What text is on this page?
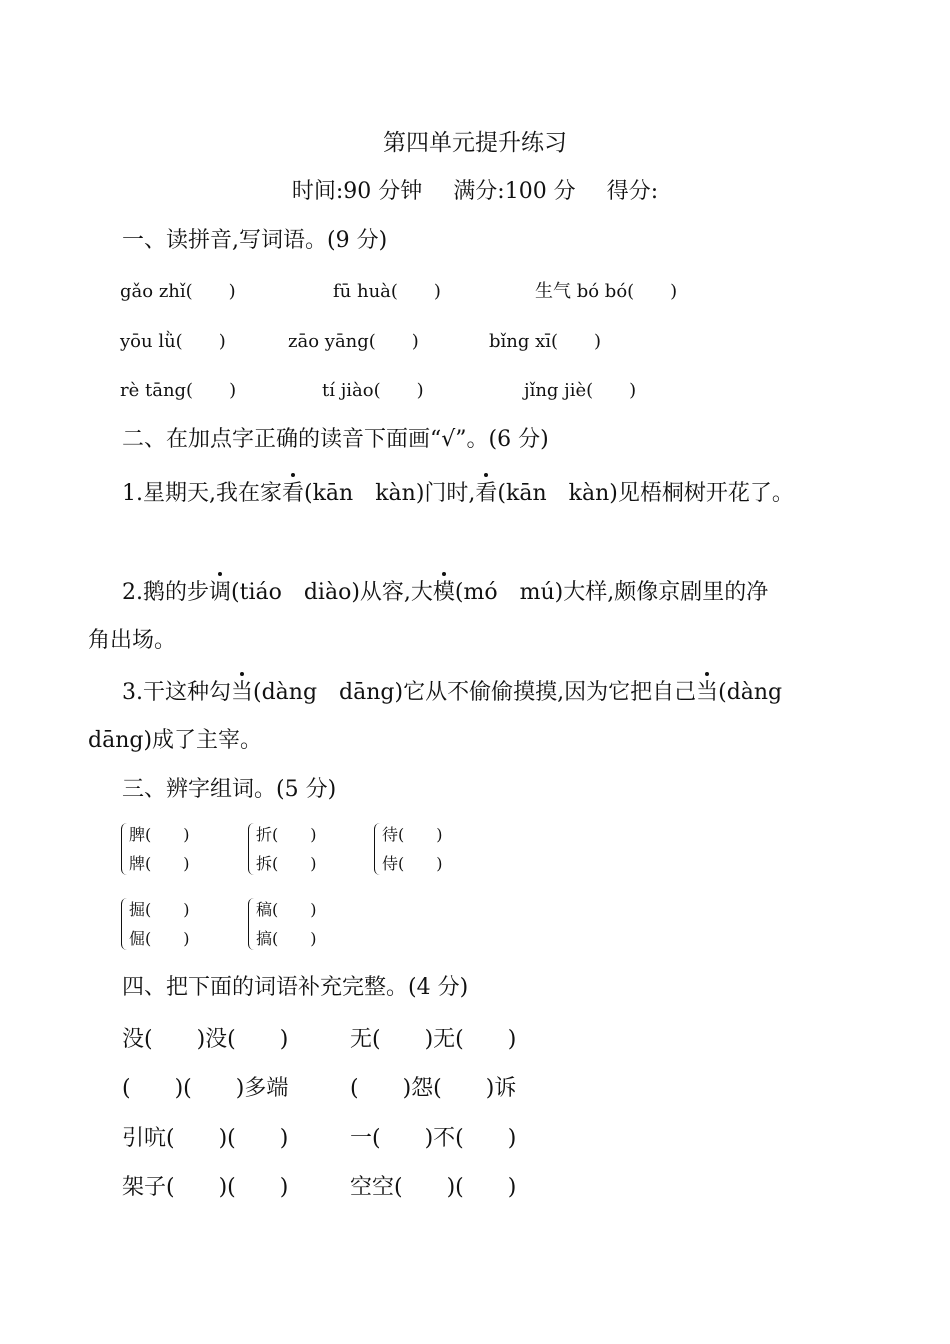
第四单元提升练习
时间:90 分钟 满分:100 分 得分:
一、读拼音,写词语。(9 分)
gǎo zhǐ(　　)	fū huà(　　)	生气 bó bó(　　)
yōu lǜ(　　)	zāo yāng(　　)	bǐng xī(　　)
rè tāng(　　)	tí jiào(　　)	jǐng jiè(　　)
二、在加点字正确的读音下面画“√”。(6 分)
1.星期天,我在家看(kān　kàn)门时,看(kān　kàn)见梧桐树开花了。
2.鹅的步调(tiáo　diào)从容,大模(mó　mú)大样,颇像京剧里的净
角出场。
3.干这种勾当(dàng　dāng)它从不偷偷摸摸,因为它把自己当(dàng
dāng)成了主宰。
三、辨字组词。(5 分)
脾(　　)
牌(　　)
折(　　)
拆(　　)
待(　　)
侍(　　)
掘(　　)
倔(　　)
稿(　　)
搞(　　)
四、把下面的词语补充完整。(4 分)
没(　　)没(　　)	无(　　)无(　　)
(　　)(　　)多端	(　　)怨(　　)诉
引吭(　　)(　　)	一(　　)不(　　)
架子(　　)(　　)	空空(　　)(　　)
